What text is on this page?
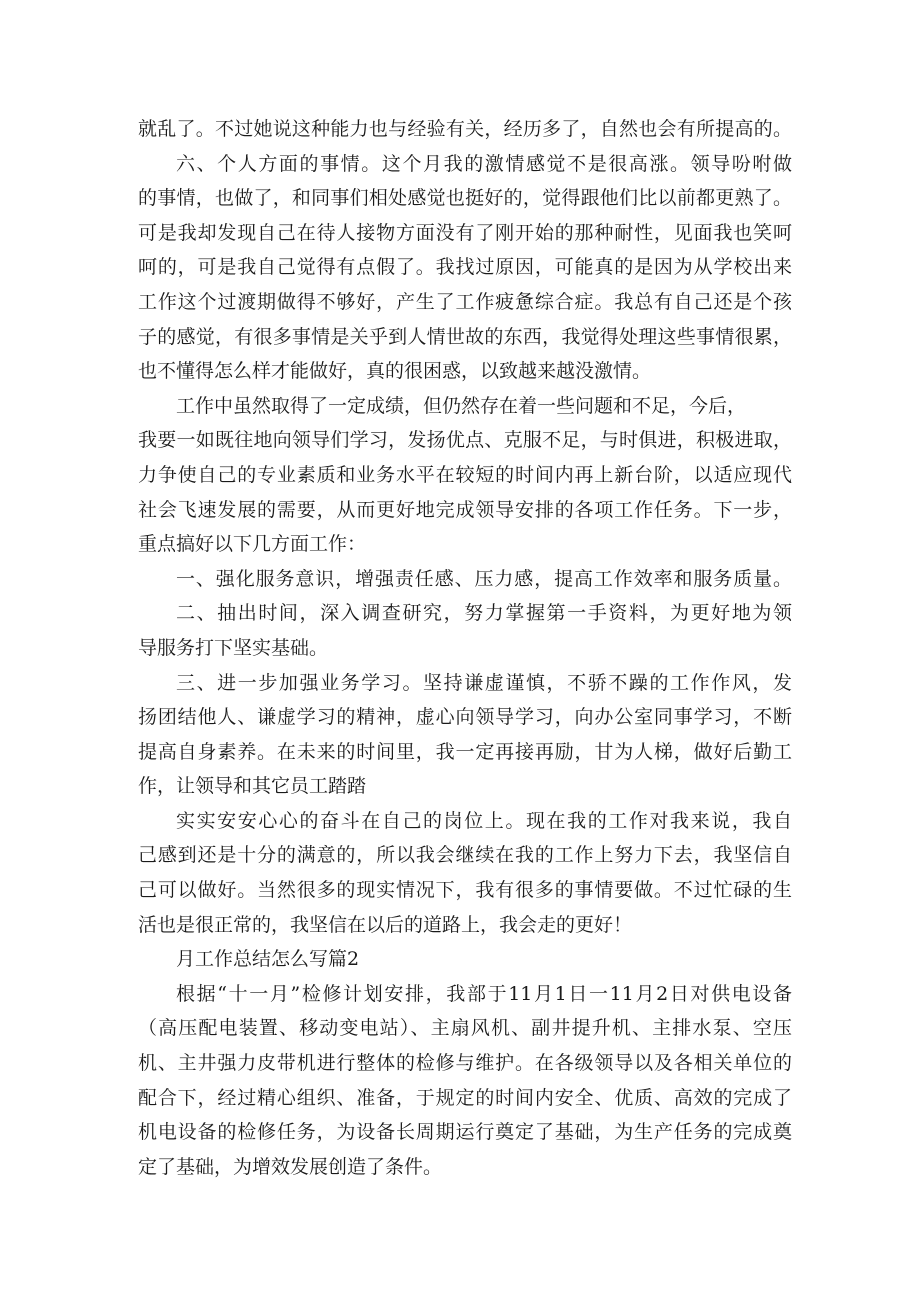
就乱了。不过她说这种能力也与经验有关，经历多了，自然也会有所提高的。

六、个人方面的事情。这个月我的激情感觉不是很高涨。领导吩咐做
的事情，也做了，和同事们相处感觉也挺好的，觉得跟他们比以前都更熟了。
可是我却发现自己在待人接物方面没有了刚开始的那种耐性，见面我也笑呵
呵的，可是我自己觉得有点假了。我找过原因，可能真的是因为从学校出来
工作这个过渡期做得不够好，产生了工作疲惫综合症。我总有自己还是个孩
子的感觉，有很多事情是关乎到人情世故的东西，我觉得处理这些事情很累，
也不懂得怎么样才能做好，真的很困惑，以致越来越没激情。

工作中虽然取得了一定成绩，但仍然存在着一些问题和不足，今后，
我要一如既往地向领导们学习，发扬优点、克服不足，与时俱进，积极进取，
力争使自己的专业素质和业务水平在较短的时间内再上新台阶，以适应现代
社会飞速发展的需要，从而更好地完成领导安排的各项工作任务。下一步，
重点搞好以下几方面工作：

一、强化服务意识，增强责任感、压力感，提高工作效率和服务质量。

二、抽出时间，深入调查研究，努力掌握第一手资料，为更好地为领
导服务打下坚实基础。

三、进一步加强业务学习。坚持谦虚谨慎，不骄不躁的工作作风，发
扬团结他人、谦虚学习的精神，虚心向领导学习，向办公室同事学习，不断
提高自身素养。在未来的时间里，我一定再接再励，甘为人梯，做好后勤工
作，让领导和其它员工踏踏

实实安安心心的奋斗在自己的岗位上。现在我的工作对我来说，我自
己感到还是十分的满意的，所以我会继续在我的工作上努力下去，我坚信自
己可以做好。当然很多的现实情况下，我有很多的事情要做。不过忙碌的生
活也是很正常的，我坚信在以后的道路上，我会走的更好！

月工作总结怎么写篇2

根据“十一月”检修计划安排，我部于11月1日一11月2日对供电设备
（高压配电装置、移动变电站）、主扇风机、副井提升机、主排水泵、空压
机、主井强力皮带机进行整体的检修与维护。在各级领导以及各相关单位的
配合下，经过精心组织、准备，于规定的时间内安全、优质、高效的完成了
机电设备的检修任务，为设备长周期运行奠定了基础，为生产任务的完成奠
定了基础，为增效发展创造了条件。
